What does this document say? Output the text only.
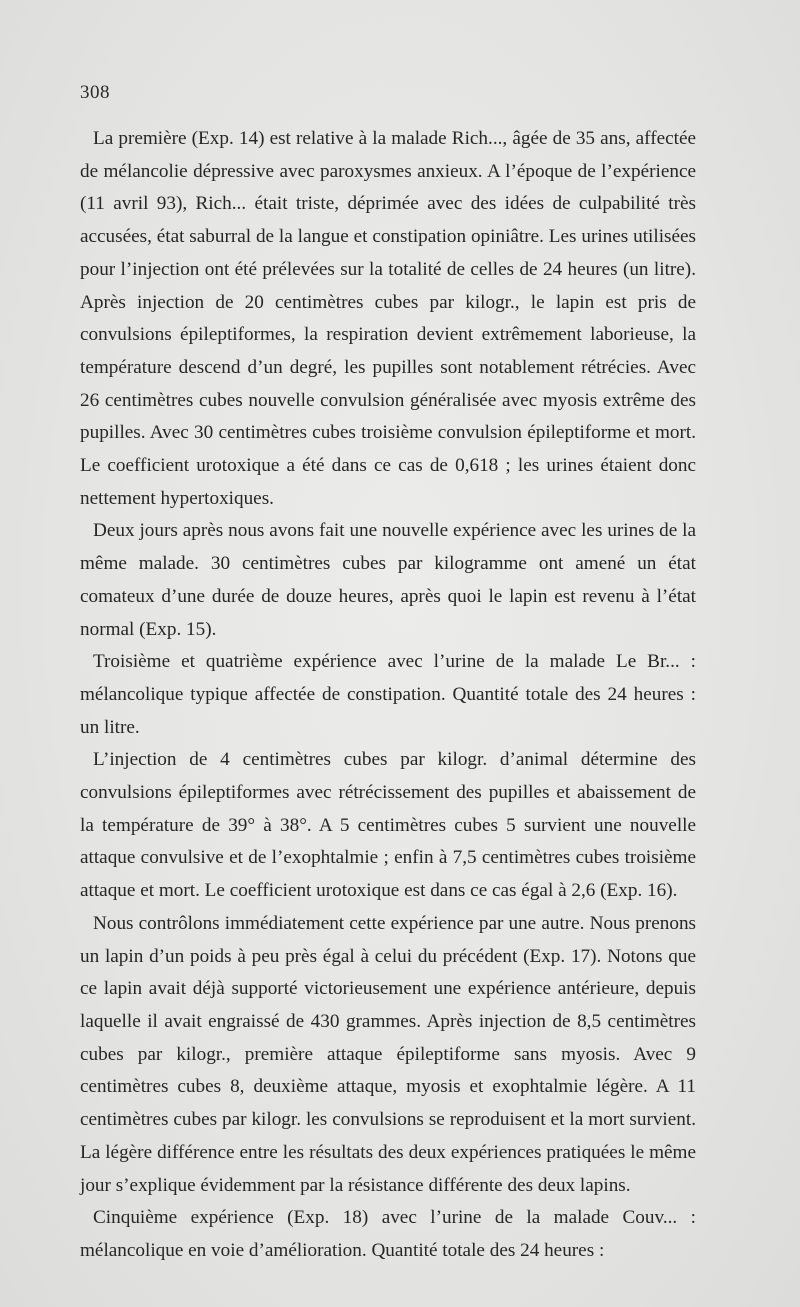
308

La première (Exp. 14) est relative à la malade Rich..., âgée de 35 ans, affectée de mélancolie dépressive avec paroxysmes anxieux. A l’époque de l’expérience (11 avril 93), Rich... était triste, déprimée avec des idées de culpabilité très accusées, état saburral de la langue et constipation opiniâtre. Les urines utilisées pour l’injection ont été prélevées sur la totalité de celles de 24 heures (un litre). Après injection de 20 centimètres cubes par kilogr., le lapin est pris de convulsions épileptiformes, la respiration devient extrêmement laborieuse, la température descend d’un degré, les pupilles sont notablement rétrécies. Avec 26 centimètres cubes nouvelle convulsion généralisée avec myosis extrême des pupilles. Avec 30 centimètres cubes troisième convulsion épileptiforme et mort. Le coefficient urotoxique a été dans ce cas de 0,618 ; les urines étaient donc nettement hypertoxiques.

Deux jours après nous avons fait une nouvelle expérience avec les urines de la même malade. 30 centimètres cubes par kilogramme ont amené un état comateux d’une durée de douze heures, après quoi le lapin est revenu à l’état normal (Exp. 15).

Troisième et quatrième expérience avec l’urine de la malade Le Br... : mélancolique typique affectée de constipation. Quantité totale des 24 heures : un litre.

L’injection de 4 centimètres cubes par kilogr. d’animal détermine des convulsions épileptiformes avec rétrécissement des pupilles et abaissement de la température de 39° à 38°. A 5 centimètres cubes 5 survient une nouvelle attaque convulsive et de l’exophtalmie ; enfin à 7,5 centimètres cubes troisième attaque et mort. Le coefficient urotoxique est dans ce cas égal à 2,6 (Exp. 16).

Nous contrôlons immédiatement cette expérience par une autre. Nous prenons un lapin d’un poids à peu près égal à celui du précédent (Exp. 17). Notons que ce lapin avait déjà supporté victorieusement une expérience antérieure, depuis laquelle il avait engraissé de 430 grammes. Après injection de 8,5 centimètres cubes par kilogr., première attaque épileptiforme sans myosis. Avec 9 centimètres cubes 8, deuxième attaque, myosis et exophtalmie légère. A 11 centimètres cubes par kilogr. les convulsions se reproduisent et la mort survient. La légère différence entre les résultats des deux expériences pratiquées le même jour s’explique évidemment par la résistance différente des deux lapins.

Cinquième expérience (Exp. 18) avec l’urine de la malade Couv... : mélancolique en voie d’amélioration. Quantité totale des 24 heures :
